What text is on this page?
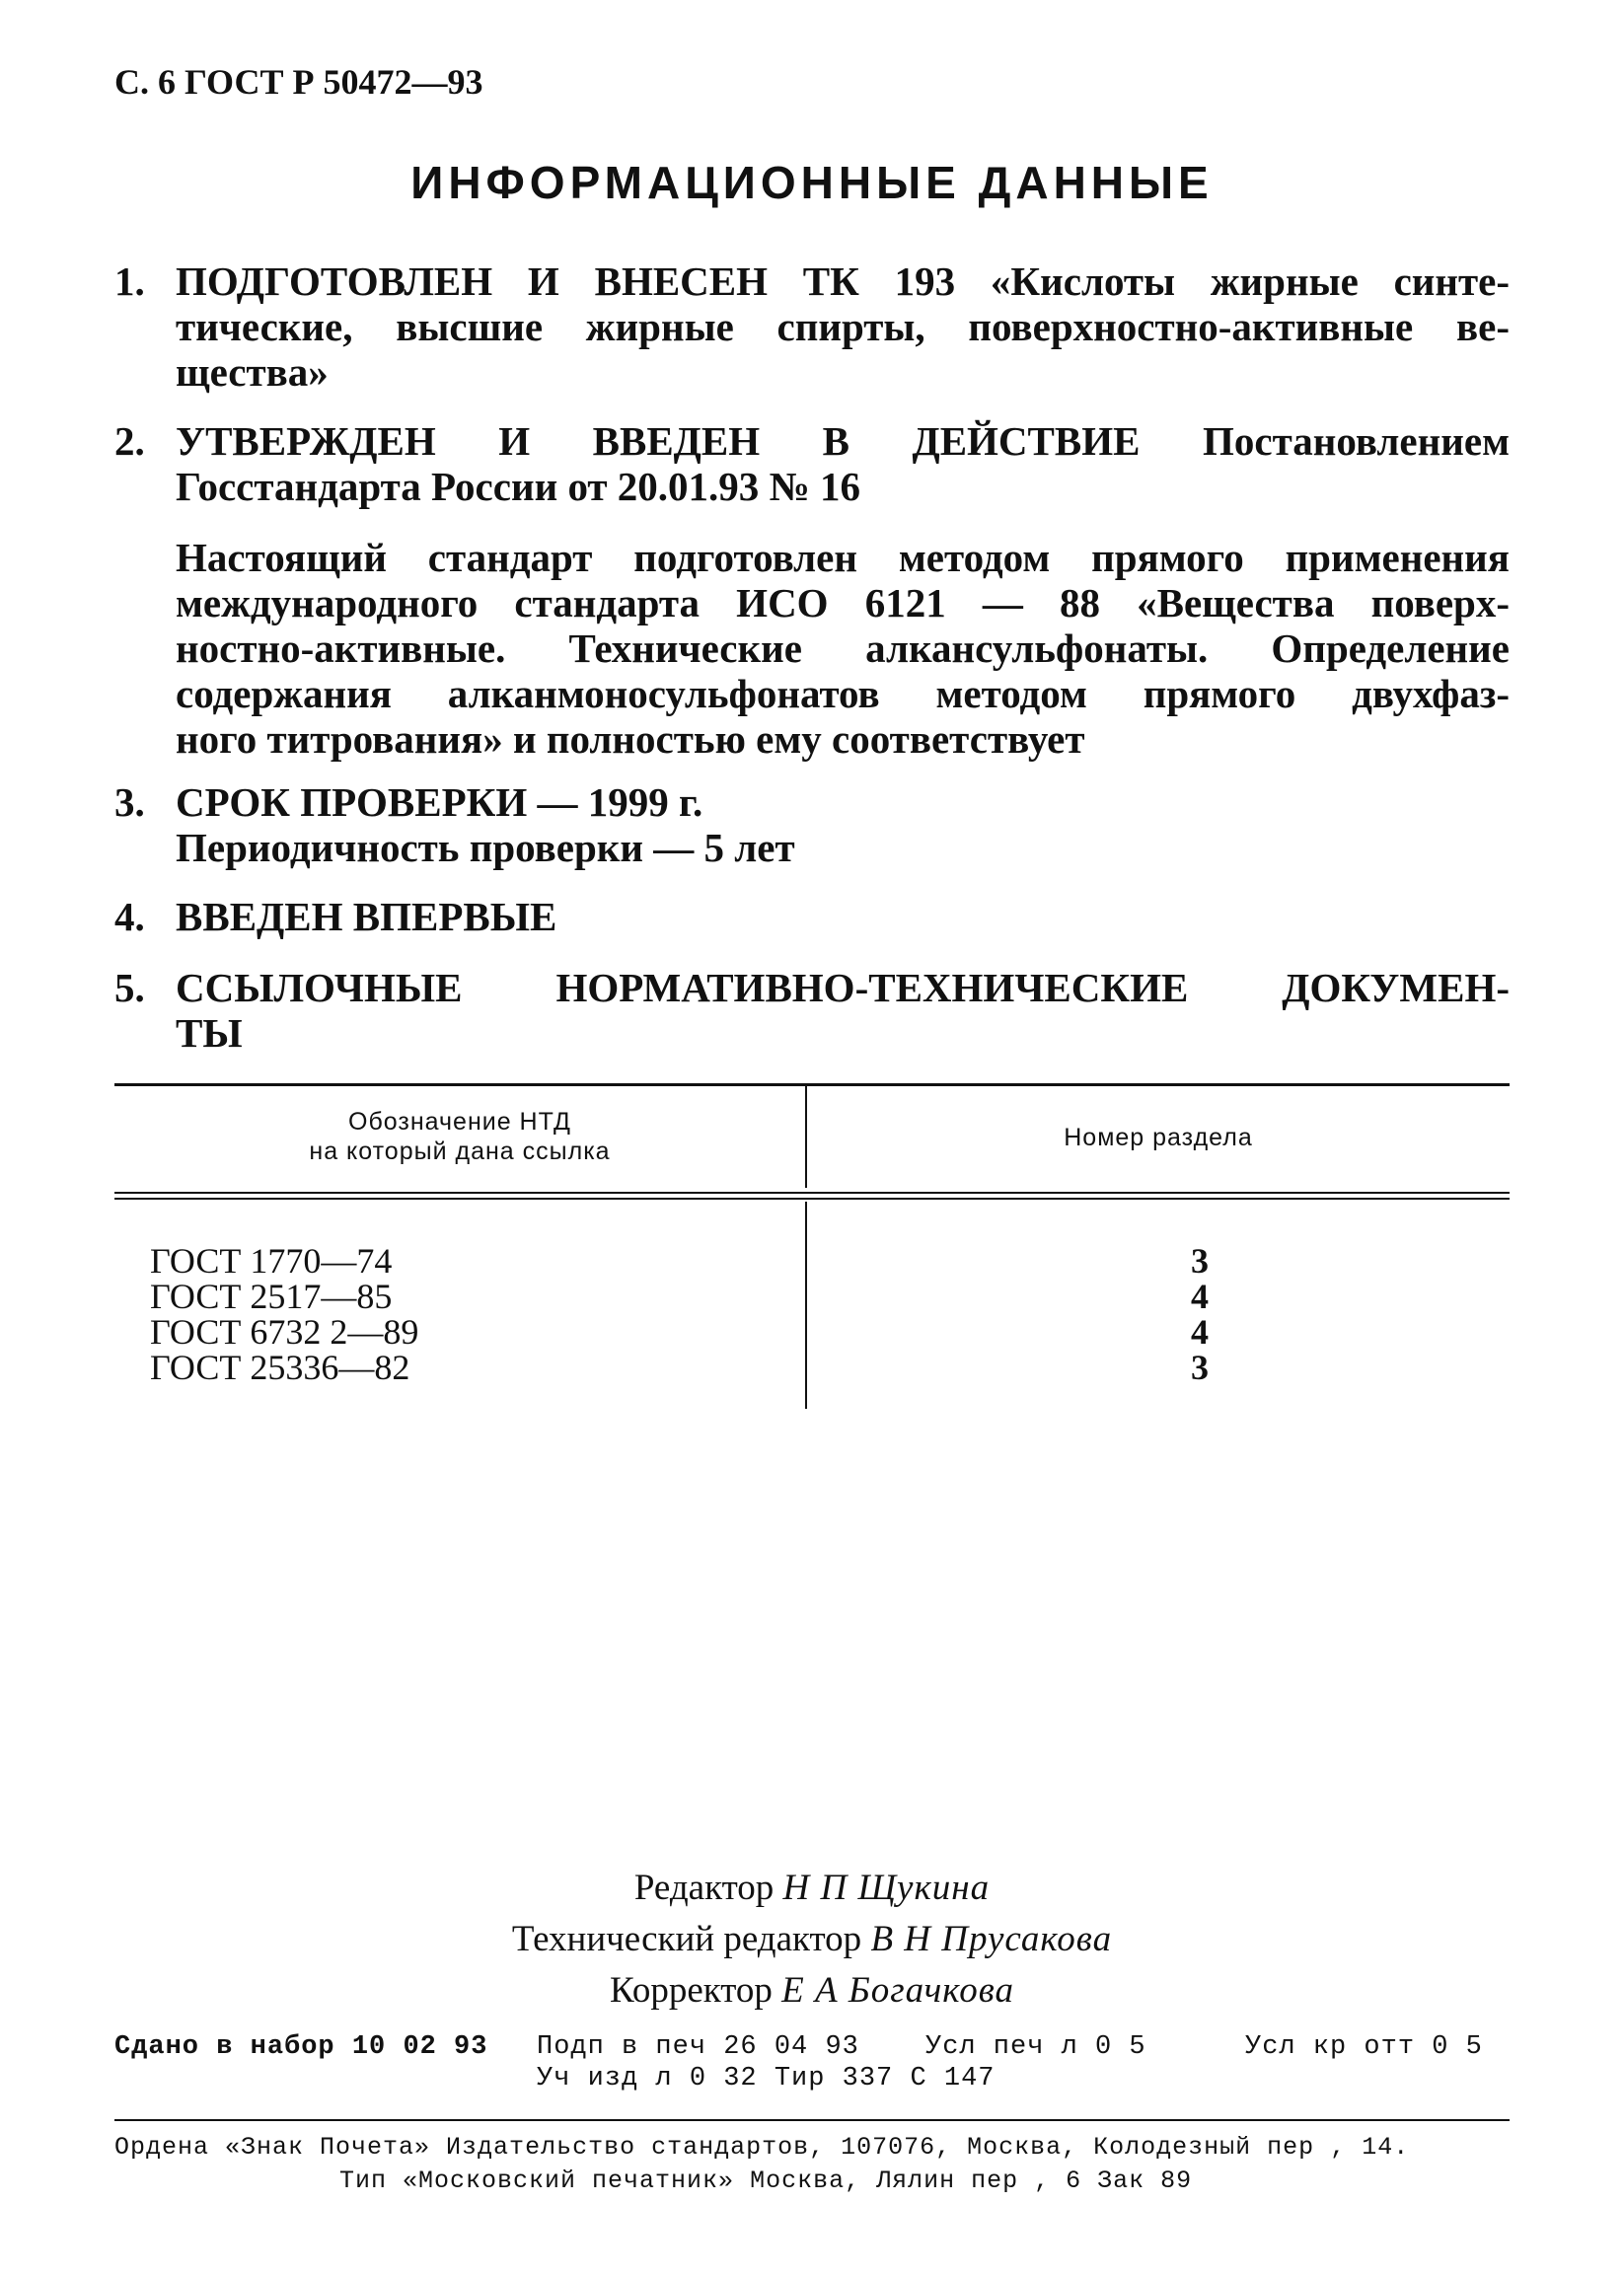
С. 6 ГОСТ Р 50472—93
ИНФОРМАЦИОННЫЕ ДАННЫЕ
1. ПОДГОТОВЛЕН И ВНЕСЕН ТК 193 «Кислоты жирные синте-
тические, высшие жирные спирты, поверхностно-активные ве-
щества»
2. УТВЕРЖДЕН И ВВЕДЕН В ДЕЙСТВИЕ Постановлением
Госстандарта России от 20.01.93 № 16
Настоящий стандарт подготовлен методом прямого применения
международного стандарта ИСО 6121 — 88 «Вещества поверх-
ностно-активные. Технические алкансульфонаты. Определение
содержания алканмоносульфонатов методом прямого двухфаз-
ного титрования» и полностью ему соответствует
3. СРОК ПРОВЕРКИ — 1999 г.
Периодичность проверки — 5 лет
4. ВВЕДЕН ВПЕРВЫЕ
5. ССЫЛОЧНЫЕ НОРМАТИВНО-ТЕХНИЧЕСКИЕ ДОКУМЕН-
ТЫ
Обозначение НТД
на который дана ссылка	Номер раздела
ГОСТ 1770—74	3
ГОСТ 2517—85	4
ГОСТ 6732 2—89	4
ГОСТ 25336—82	3
Редактор Н П Щукина
Технический редактор В Н Прусакова
Корректор Е А Богачкова
Сдано в набор 10 02 93 Подп в печ 26 04 93 Усл печ л 0 5	Усл кр отт 0 5
Уч изд л 0 32 Тир 337 С 147
Ордена «Знак Почета» Издательство стандартов, 107076, Москва, Колодезный пер , 14.
Тип «Московский печатник» Москва, Лялин пер , 6 Зак 89
